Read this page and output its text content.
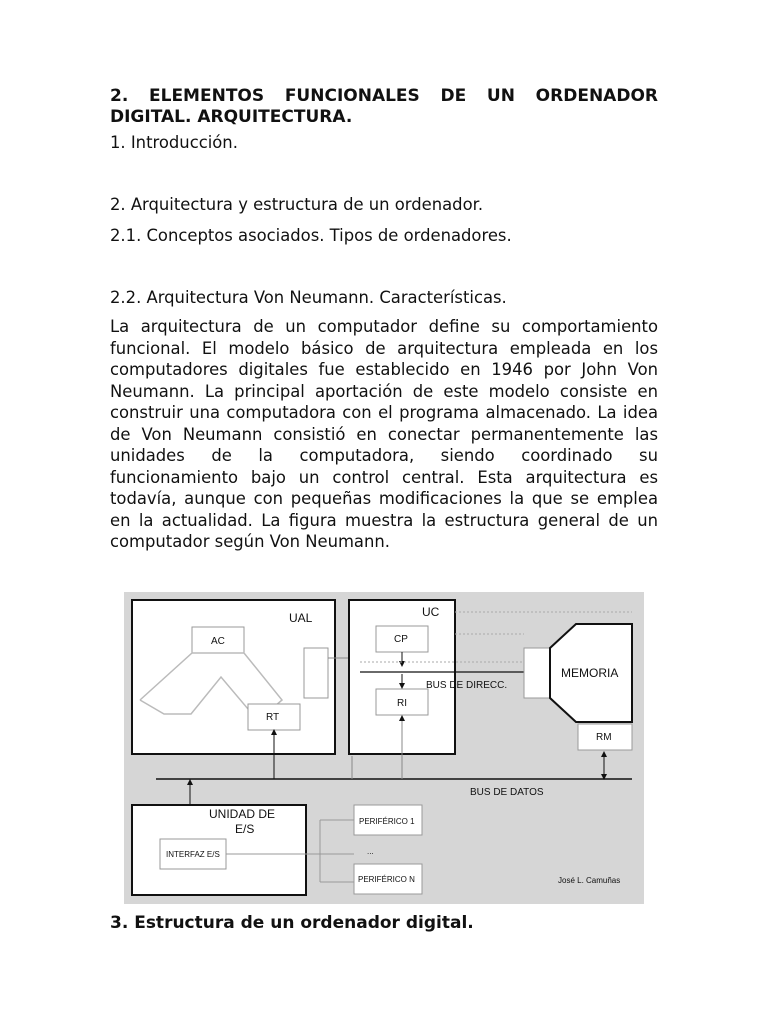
2. ELEMENTOS FUNCIONALES DE UN ORDENADOR DIGITAL. ARQUITECTURA.

1. Introducción.

2. Arquitectura y estructura de un ordenador.

2.1. Conceptos asociados. Tipos de ordenadores.

2.2. Arquitectura Von Neumann. Características.

La arquitectura de un computador define su comportamiento funcional. El modelo básico de arquitectura empleada en los computadores digitales fue establecido en 1946 por John Von Neumann. La principal aportación de este modelo consiste en construir una computadora con el programa almacenado. La idea de Von Neumann consistió en conectar permanentemente las unidades de la computadora, siendo coordinado su funcionamiento bajo un control central. Esta arquitectura es todavía, aunque con pequeñas modificaciones la que se emplea en la actualidad. La figura muestra la estructura general de un computador según Von Neumann.

UAL
AC
RT
UC
CP
RI
BUS DE DIRECC.
MEMORIA
RM
BUS DE DATOS
UNIDAD DE
E/S
INTERFAZ E/S
PERIFÉRICO 1
...
PERIFÉRICO N	José L. Camuñas

3. Estructura de un ordenador digital.
